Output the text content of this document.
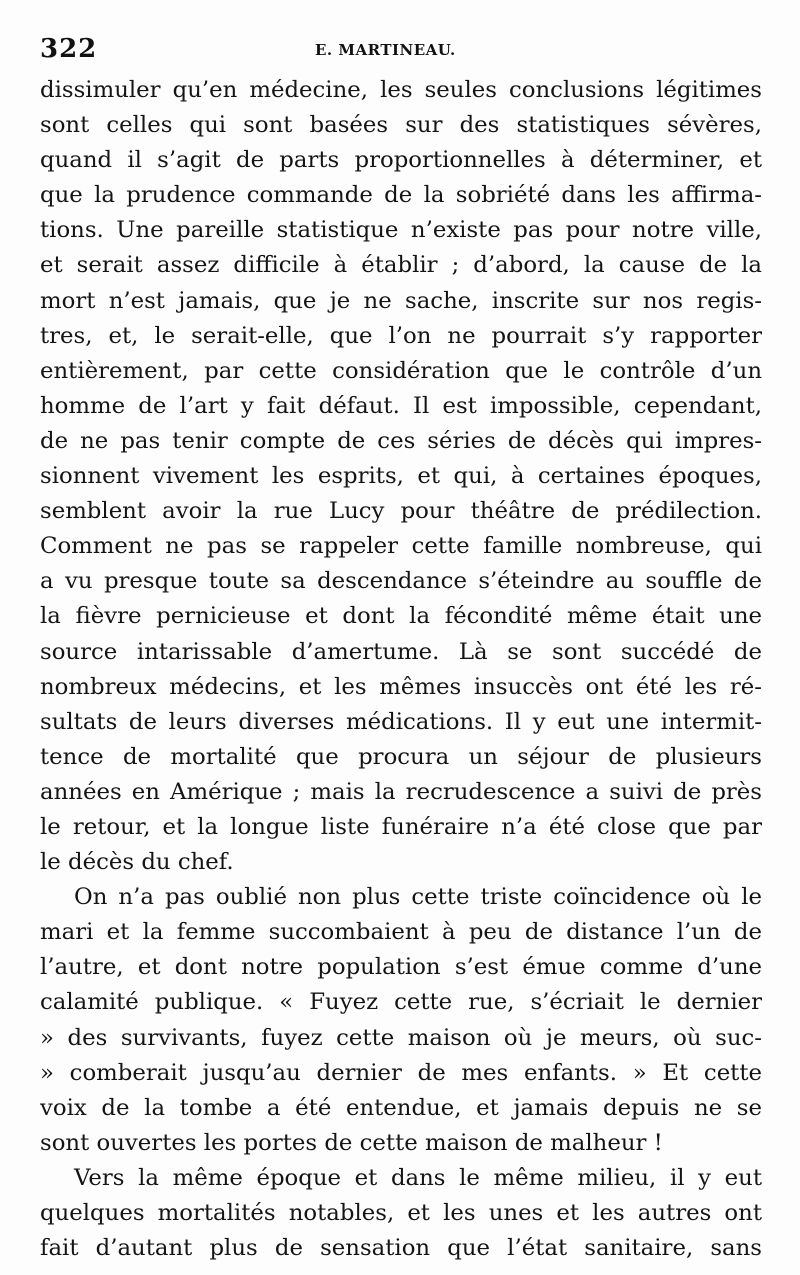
322	E. MARTINEAU.
dissimuler qu’en médecine, les seules conclusions légitimes
sont celles qui sont basées sur des statistiques sévères,
quand il s’agit de parts proportionnelles à déterminer, et
que la prudence commande de la sobriété dans les affirma-
tions. Une pareille statistique n’existe pas pour notre ville,
et serait assez difficile à établir ; d’abord, la cause de la
mort n’est jamais, que je ne sache, inscrite sur nos regis-
tres, et, le serait-elle, que l’on ne pourrait s’y rapporter
entièrement, par cette considération que le contrôle d’un
homme de l’art y fait défaut. Il est impossible, cependant,
de ne pas tenir compte de ces séries de décès qui impres-
sionnent vivement les esprits, et qui, à certaines époques,
semblent avoir la rue Lucy pour théâtre de prédilection.
Comment ne pas se rappeler cette famille nombreuse, qui
a vu presque toute sa descendance s’éteindre au souffle de
la fièvre pernicieuse et dont la fécondité même était une
source intarissable d’amertume. Là se sont succédé de
nombreux médecins, et les mêmes insuccès ont été les ré-
sultats de leurs diverses médications. Il y eut une intermit-
tence de mortalité que procura un séjour de plusieurs
années en Amérique ; mais la recrudescence a suivi de près
le retour, et la longue liste funéraire n’a été close que par
le décès du chef.
On n’a pas oublié non plus cette triste coïncidence où le
mari et la femme succombaient à peu de distance l’un de
l’autre, et dont notre population s’est émue comme d’une
calamité publique. « Fuyez cette rue, s’écriait le dernier
» des survivants, fuyez cette maison où je meurs, où suc-
» comberait jusqu’au dernier de mes enfants. » Et cette
voix de la tombe a été entendue, et jamais depuis ne se
sont ouvertes les portes de cette maison de malheur !
Vers la même époque et dans le même milieu, il y eut
quelques mortalités notables, et les unes et les autres ont
fait d’autant plus de sensation que l’état sanitaire, sans
